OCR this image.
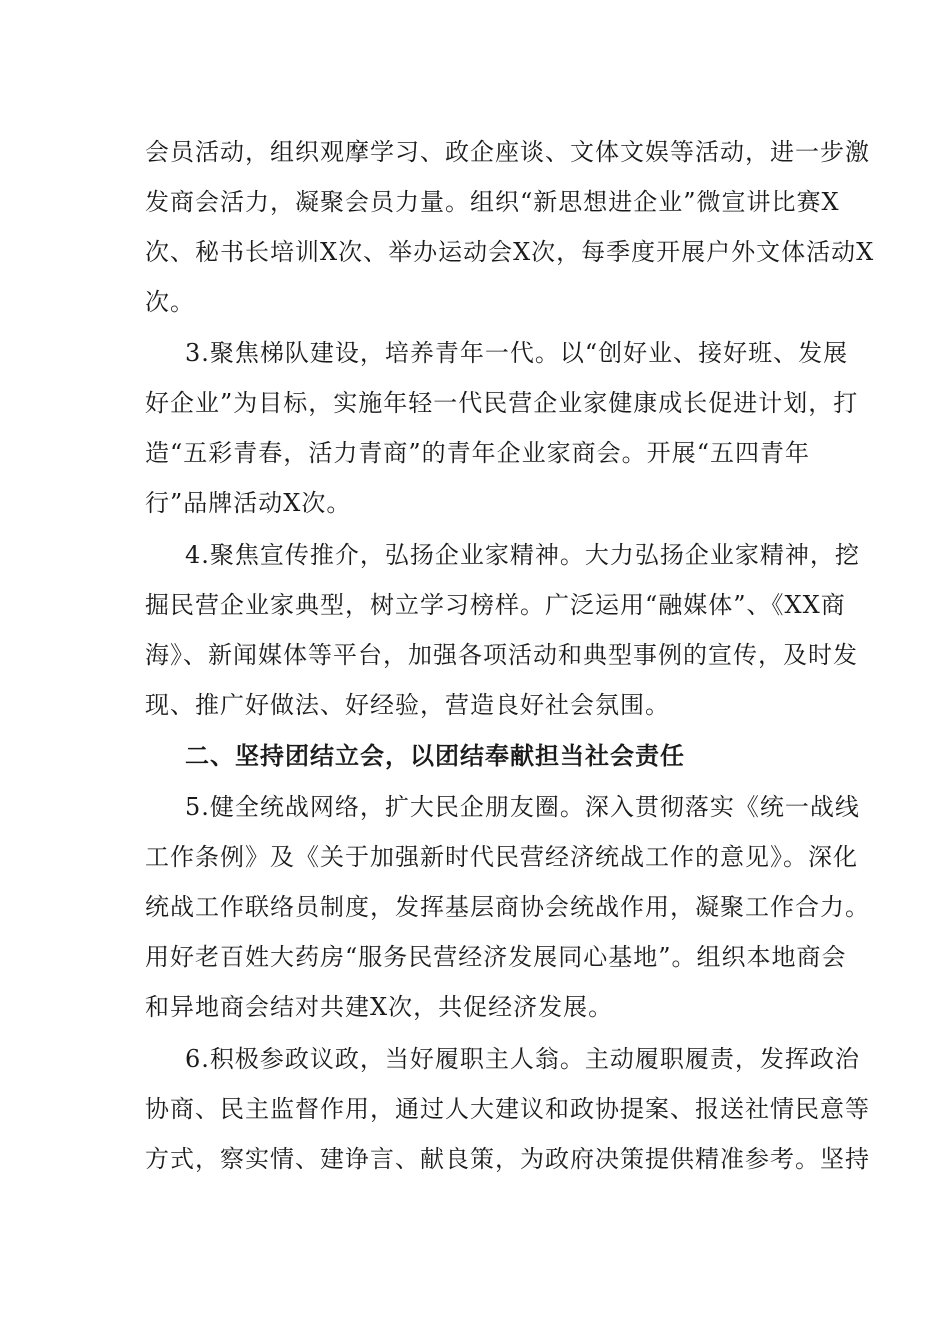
会员活动，组织观摩学习、政企座谈、文体文娱等活动，进一步激
发商会活力，凝聚会员力量。组织“新思想进企业”微宣讲比赛X
次、秘书长培训X次、举办运动会X次，每季度开展户外文体活动X
次。
3.聚焦梯队建设，培养青年一代。以“创好业、接好班、发展
好企业”为目标，实施年轻一代民营企业家健康成长促进计划，打
造“五彩青春，活力青商”的青年企业家商会。开展“五四青年
行”品牌活动X次。
4.聚焦宣传推介，弘扬企业家精神。大力弘扬企业家精神，挖
掘民营企业家典型，树立学习榜样。广泛运用“融媒体”、《XX商
海》、新闻媒体等平台，加强各项活动和典型事例的宣传，及时发
现、推广好做法、好经验，营造良好社会氛围。
二、坚持团结立会，以团结奉献担当社会责任
5.健全统战网络，扩大民企朋友圈。深入贯彻落实《统一战线
工作条例》及《关于加强新时代民营经济统战工作的意见》。深化
统战工作联络员制度，发挥基层商协会统战作用，凝聚工作合力。
用好老百姓大药房“服务民营经济发展同心基地”。组织本地商会
和异地商会结对共建X次，共促经济发展。
6.积极参政议政，当好履职主人翁。主动履职履责，发挥政治
协商、民主监督作用，通过人大建议和政协提案、报送社情民意等
方式，察实情、建诤言、献良策，为政府决策提供精准参考。坚持
